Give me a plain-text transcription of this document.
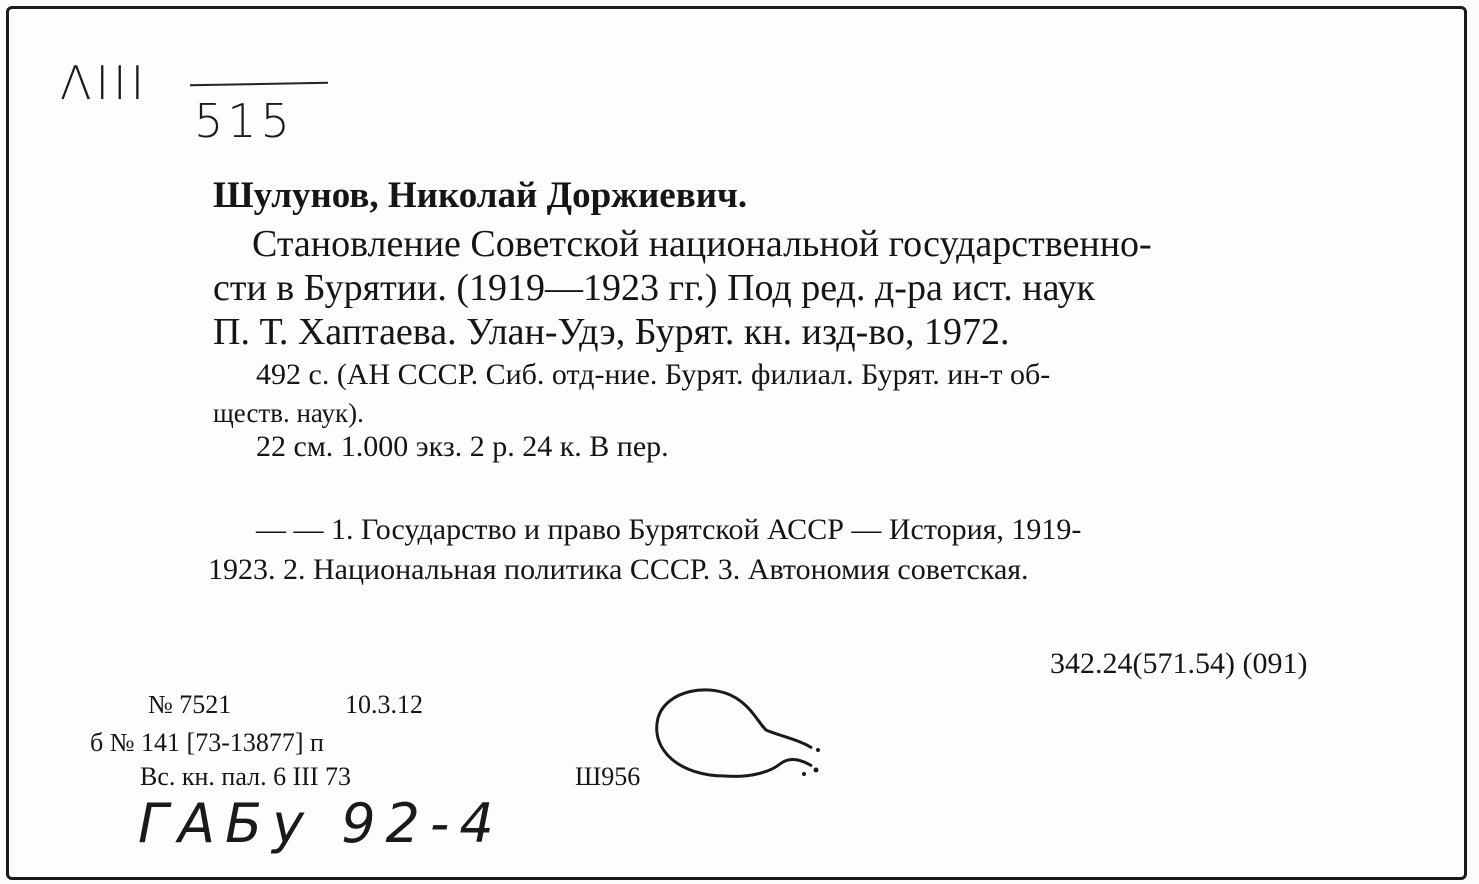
ΛIII
515
Шулунов, Николай Доржиевич.
Становление Советской национальной государственно-
сти в Бурятии. (1919—1923 гг.) Под ред. д-ра ист. наук
П. Т. Хаптаева. Улан-Удэ, Бурят. кн. изд-во, 1972.
492 с. (АН СССР. Сиб. отд-ние. Бурят. филиал. Бурят. ин-т об-
ществ. наук).
22 см. 1.000 экз. 2 р. 24 к. В пер.
— — 1. Государство и право Бурятской АССР — История, 1919-
1923. 2. Национальная политика СССР. 3. Автономия советская.
342.24(571.54) (091)
№ 7521	10.3.12
б № 141 [73-13877] п
Вс. кн. пал. 6 III 73	Ш956
ГАБу 92-4
